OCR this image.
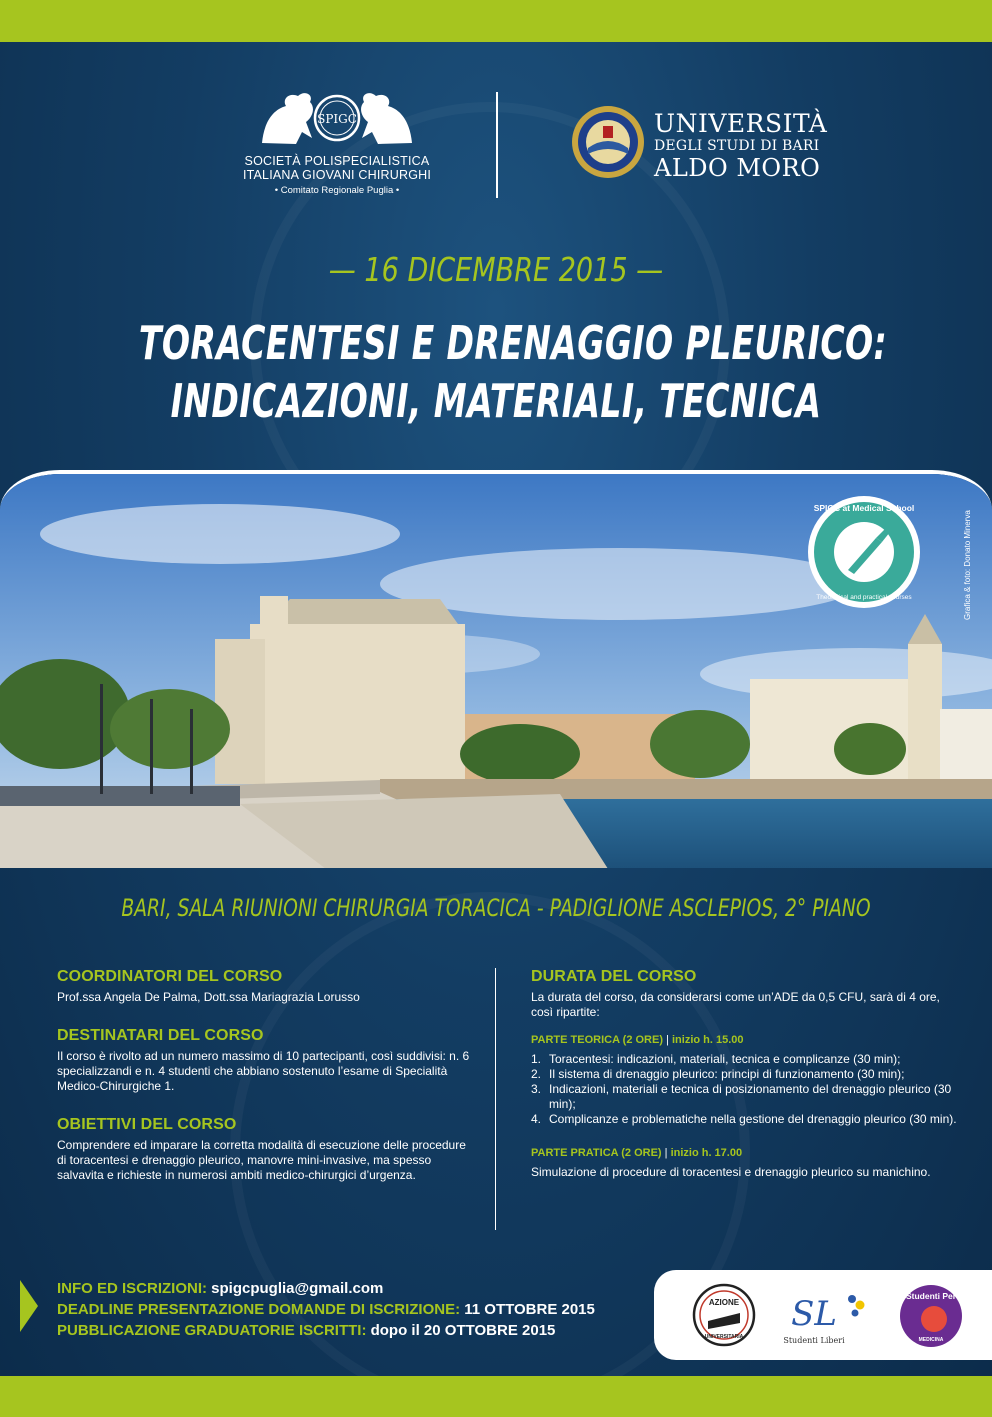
SPIGC
SOCIETÀ POLISPECIALISTICA
ITALIANA GIOVANI CHIRURGHI
• Comitato Regionale Puglia •
UNIVERSITÀ
DEGLI STUDI DI BARI
ALDO MORO
— 16 DICEMBRE 2015 —
TORACENTESI E DRENAGGIO PLEURICO:
INDICAZIONI, MATERIALI, TECNICA
SPIGC at Medical School
Theoretical and practical courses	Grafica & foto: Donato Minerva
BARI, SALA RIUNIONI CHIRURGIA TORACICA - PADIGLIONE ASCLEPIOS, 2° PIANO
COORDINATORI DEL CORSO
Prof.ssa Angela De Palma, Dott.ssa Mariagrazia Lorusso
DESTINATARI DEL CORSO
Il corso è rivolto ad un numero massimo di 10 partecipanti, così suddivisi: n. 6 specializzandi e n. 4 studenti che abbiano sostenuto l’esame di Specialità Medico-Chirurgiche 1.
OBIETTIVI DEL CORSO
Comprendere ed imparare la corretta modalità di esecuzione delle procedure di toracentesi e drenaggio pleurico, manovre mini-invasive, ma spesso salvavita e richieste in numerosi ambiti medico-chirurgici d’urgenza.
DURATA DEL CORSO
La durata del corso, da considerarsi come un’ADE da 0,5 CFU, sarà di 4 ore, così ripartite:
PARTE TEORICA (2 ORE) | inizio h. 15.00
1. Toracentesi: indicazioni, materiali, tecnica e complicanze (30 min);
2. Il sistema di drenaggio pleurico: principi di funzionamento (30 min);
3. Indicazioni, materiali e tecnica di posizionamento del drenaggio pleurico (30 min);
4. Complicanze e problematiche nella gestione del drenaggio pleurico (30 min).
PARTE PRATICA (2 ORE) | inizio h. 17.00
Simulazione di procedure di toracentesi e drenaggio pleurico su manichino.
INFO ED ISCRIZIONI: spigcpuglia@gmail.com
DEADLINE PRESENTAZIONE DOMANDE DI ISCRIZIONE: 11 OTTOBRE 2015
PUBBLICAZIONE GRADUATORIE ISCRITTI: dopo il 20 OTTOBRE 2015
AZIONE
UNIVERSITARIA
SL
Studenti Liberi
Studenti Per
MEDICINA
